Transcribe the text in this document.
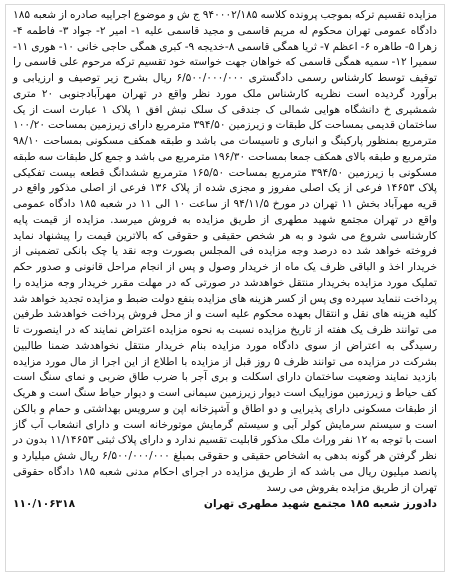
مزایده تقسیم ترکه بموجب پرونده کلاسه ۹۴۰۰۰۲/۱۸۵ ج ش و موضوع اجراییه صادره از شعبه ۱۸۵ دادگاه عمومی تهران محکوم له مریم قاسمی و مجید قاسمی علیه ۱- امیر ۲- جواد ۳- فاطمه ۴- زهرا ۵- طاهره ۶- اعظم ۷- ثریا همگی قاسمی ۸-خدیجه ۹- کبری همگی حاجی خانی ۱۰- هوری ۱۱- سمیرا ۱۲- سمیه همگی قاسمی که خواهان جهت خواسته خود تقسیم ترکه مرحوم علی قاسمی را توقیف توسط کارشناس رسمی دادگستری ۶/۵۰۰/۰۰۰/۰۰۰ ریال بشرح زیر توصیف و ارزیابی و برآورد گردیده است نظریه کارشناس ملک مورد نظر واقع در تهران مهرآبادجنوبی ۲۰ متری شمشیری خ دانشگاه هوایی شمالی ک جندقی ک سلک نبش افق ۱ پلاک ۱ عبارت است از یک ساختمان قدیمی بمساحت کل طبقات و زیرزمین ۳۹۴/۵۰ مترمربع دارای زیرزمین بمساحت ۱۰۰/۲۰ مترمربع بمنظور پارکینگ و انباری و تاسیسات می باشد و طبقه همکف مسکونی بمساحت ۹۸/۱۰ مترمربع و طبقه بالای همکف جمعا بمساحت ۱۹۶/۳۰ مترمربع می باشد و جمع کل طبقات سه طبقه مسکونی با زیرزمین ۳۹۴/۵۰ مترمربع بمساحت ۱۶۵/۵۰ مترمربع ششدانگ قطعه بیست تفکیکی پلاک ۱۴۶۵۳ فرعی از یک اصلی مفروز و مجزی شده از پلاک ۱۳۶ فرعی از اصلی مذکور واقع در قریه مهرآباد بخش ۱۱ تهران در مورخ ۹۴/۱۱/۵ از ساعت ۱۰ الی ۱۱ در شعبه ۱۸۵ دادگاه عمومی واقع در تهران مجتمع شهید مطهری از طریق مزایده به فروش میرسد. مزایده از قیمت پایه کارشناسی شروع می شود و به هر شخص حقیقی و حقوقی که بالاترین قیمت را پیشنهاد نماید فروخته خواهد شد ده درصد وجه مزایده فی المجلس بصورت وجه نقد یا چک بانکی تضمینی از خریدار اخذ و الباقی ظرف یک ماه از خریدار وصول و پس از انجام مراحل قانونی و صدور حکم تملیک مورد مزایده بخریدار منتقل خواهدشد در صورتی که در مهلت مقرر خریدار وجه مزایده را پرداخت ننماید سپرده وی پس از کسر هزینه های مزایده بنفع دولت ضبط و مزایده تجدید خواهد شد کلیه هزینه های نقل و انتقال بعهده محکوم علیه است و از محل فروش پرداخت خواهدشد طرفین می توانند ظرف یک هفته از تاریخ مزایده نسبت به نحوه مزایده اعتراض نمایند که در اینصورت تا رسیدگی به اعتراض از سوی دادگاه مورد مزایده بنام خریدار منتقل نخواهدشد ضمنا طالبین بشرکت در مزایده می توانند ظرف ۵ روز قبل از مزایده با اطلاع از این اجرا از مال مورد مزایده بازدید نمایند وضعیت ساختمان دارای اسکلت و بری آجر با ضرب طاق ضربی و نمای سنگ است کف حیاط و زیرزمین موزاییک است دیوار زیرزمین سیمانی است و دیوار حیاط سنگ است و هریک از طبقات مسکونی دارای پذیرایی و دو اطاق و آشپزخانه اپن و سرویس بهداشتی و حمام و بالکن است و سیستم سرمایش کولر آبی و سیستم گرمایش موتورخانه است و دارای انشعاب آب گاز است با توجه به ۱۲ نفر وراث ملک مذکور قابلیت تقسیم ندارد و دارای پلاک ثبتی ۱۱/۱۴۶۵۳ بدون در نظر گرفتن هر گونه بدهی به اشخاص حقیقی و حقوقی بمبلغ ۶/۵۰۰/۰۰۰/۰۰۰ ریال شش میلیارد و پانصد میلیون ریال می باشد که از طریق مزایده در اجرای احکام مدنی شعبه ۱۸۵ دادگاه حقوقی تهران از طریق مزایده بفروش می رسد

دادورز شعبه ۱۸۵ مجتمع شهید مطهری تهران
۱۱۰/۱۰۶۳۱۸
